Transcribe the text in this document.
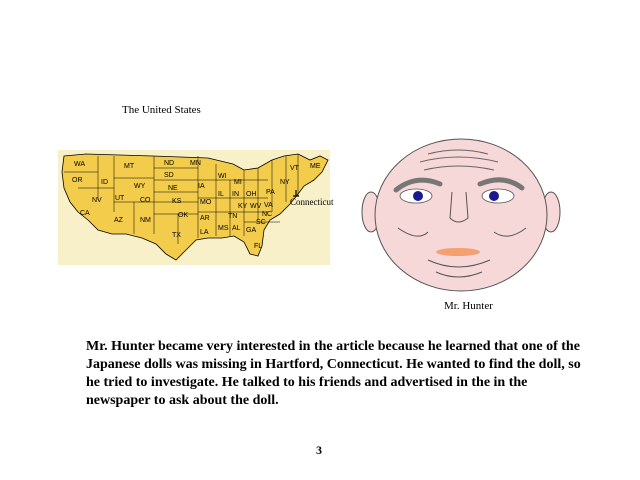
The United States
WA
OR	ID
MT
WY
NV UT CO
CA
AZ NM
ND
SD
NE
KS
OK
TX
MN
IA
MO
AR
LA
WI
IL
MI
IN OH
KY
TN
MS AL GA
FL
SC
NC
VA
WV
PA
NY
VT ME
Connecticut
Mr. Hunter

Mr. Hunter became very interested in the article because he learned that one of the Japanese dolls was missing in Hartford, Connecticut. He wanted to find the doll, so he tried to investigate. He talked to his friends and advertised in the in the newspaper to ask about the doll.

3
